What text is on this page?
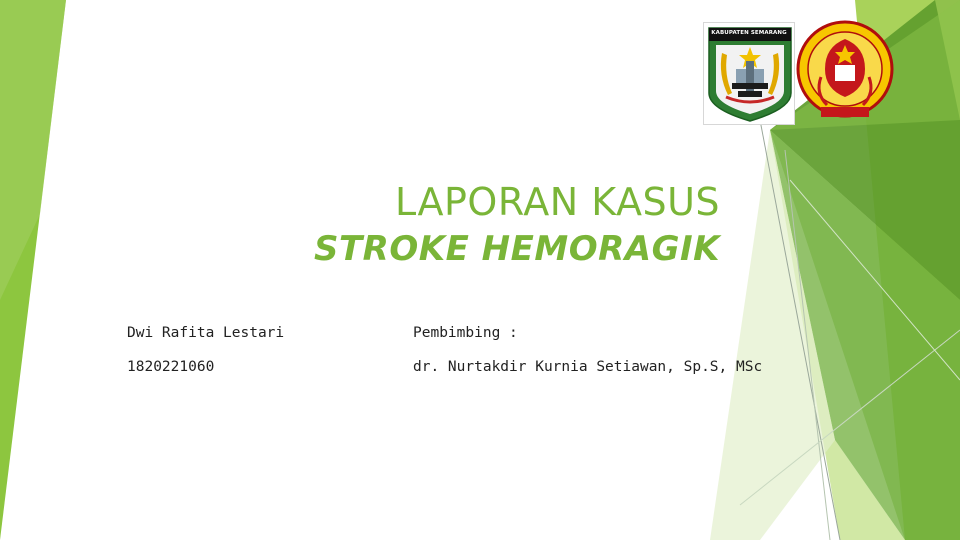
KABUPATEN SEMARANG
LAPORAN KASUS
STROKE HEMORAGIK
Dwi Rafita Lestari
1820221060
Pembimbing :
dr. Nurtakdir Kurnia Setiawan, Sp.S, MSc
